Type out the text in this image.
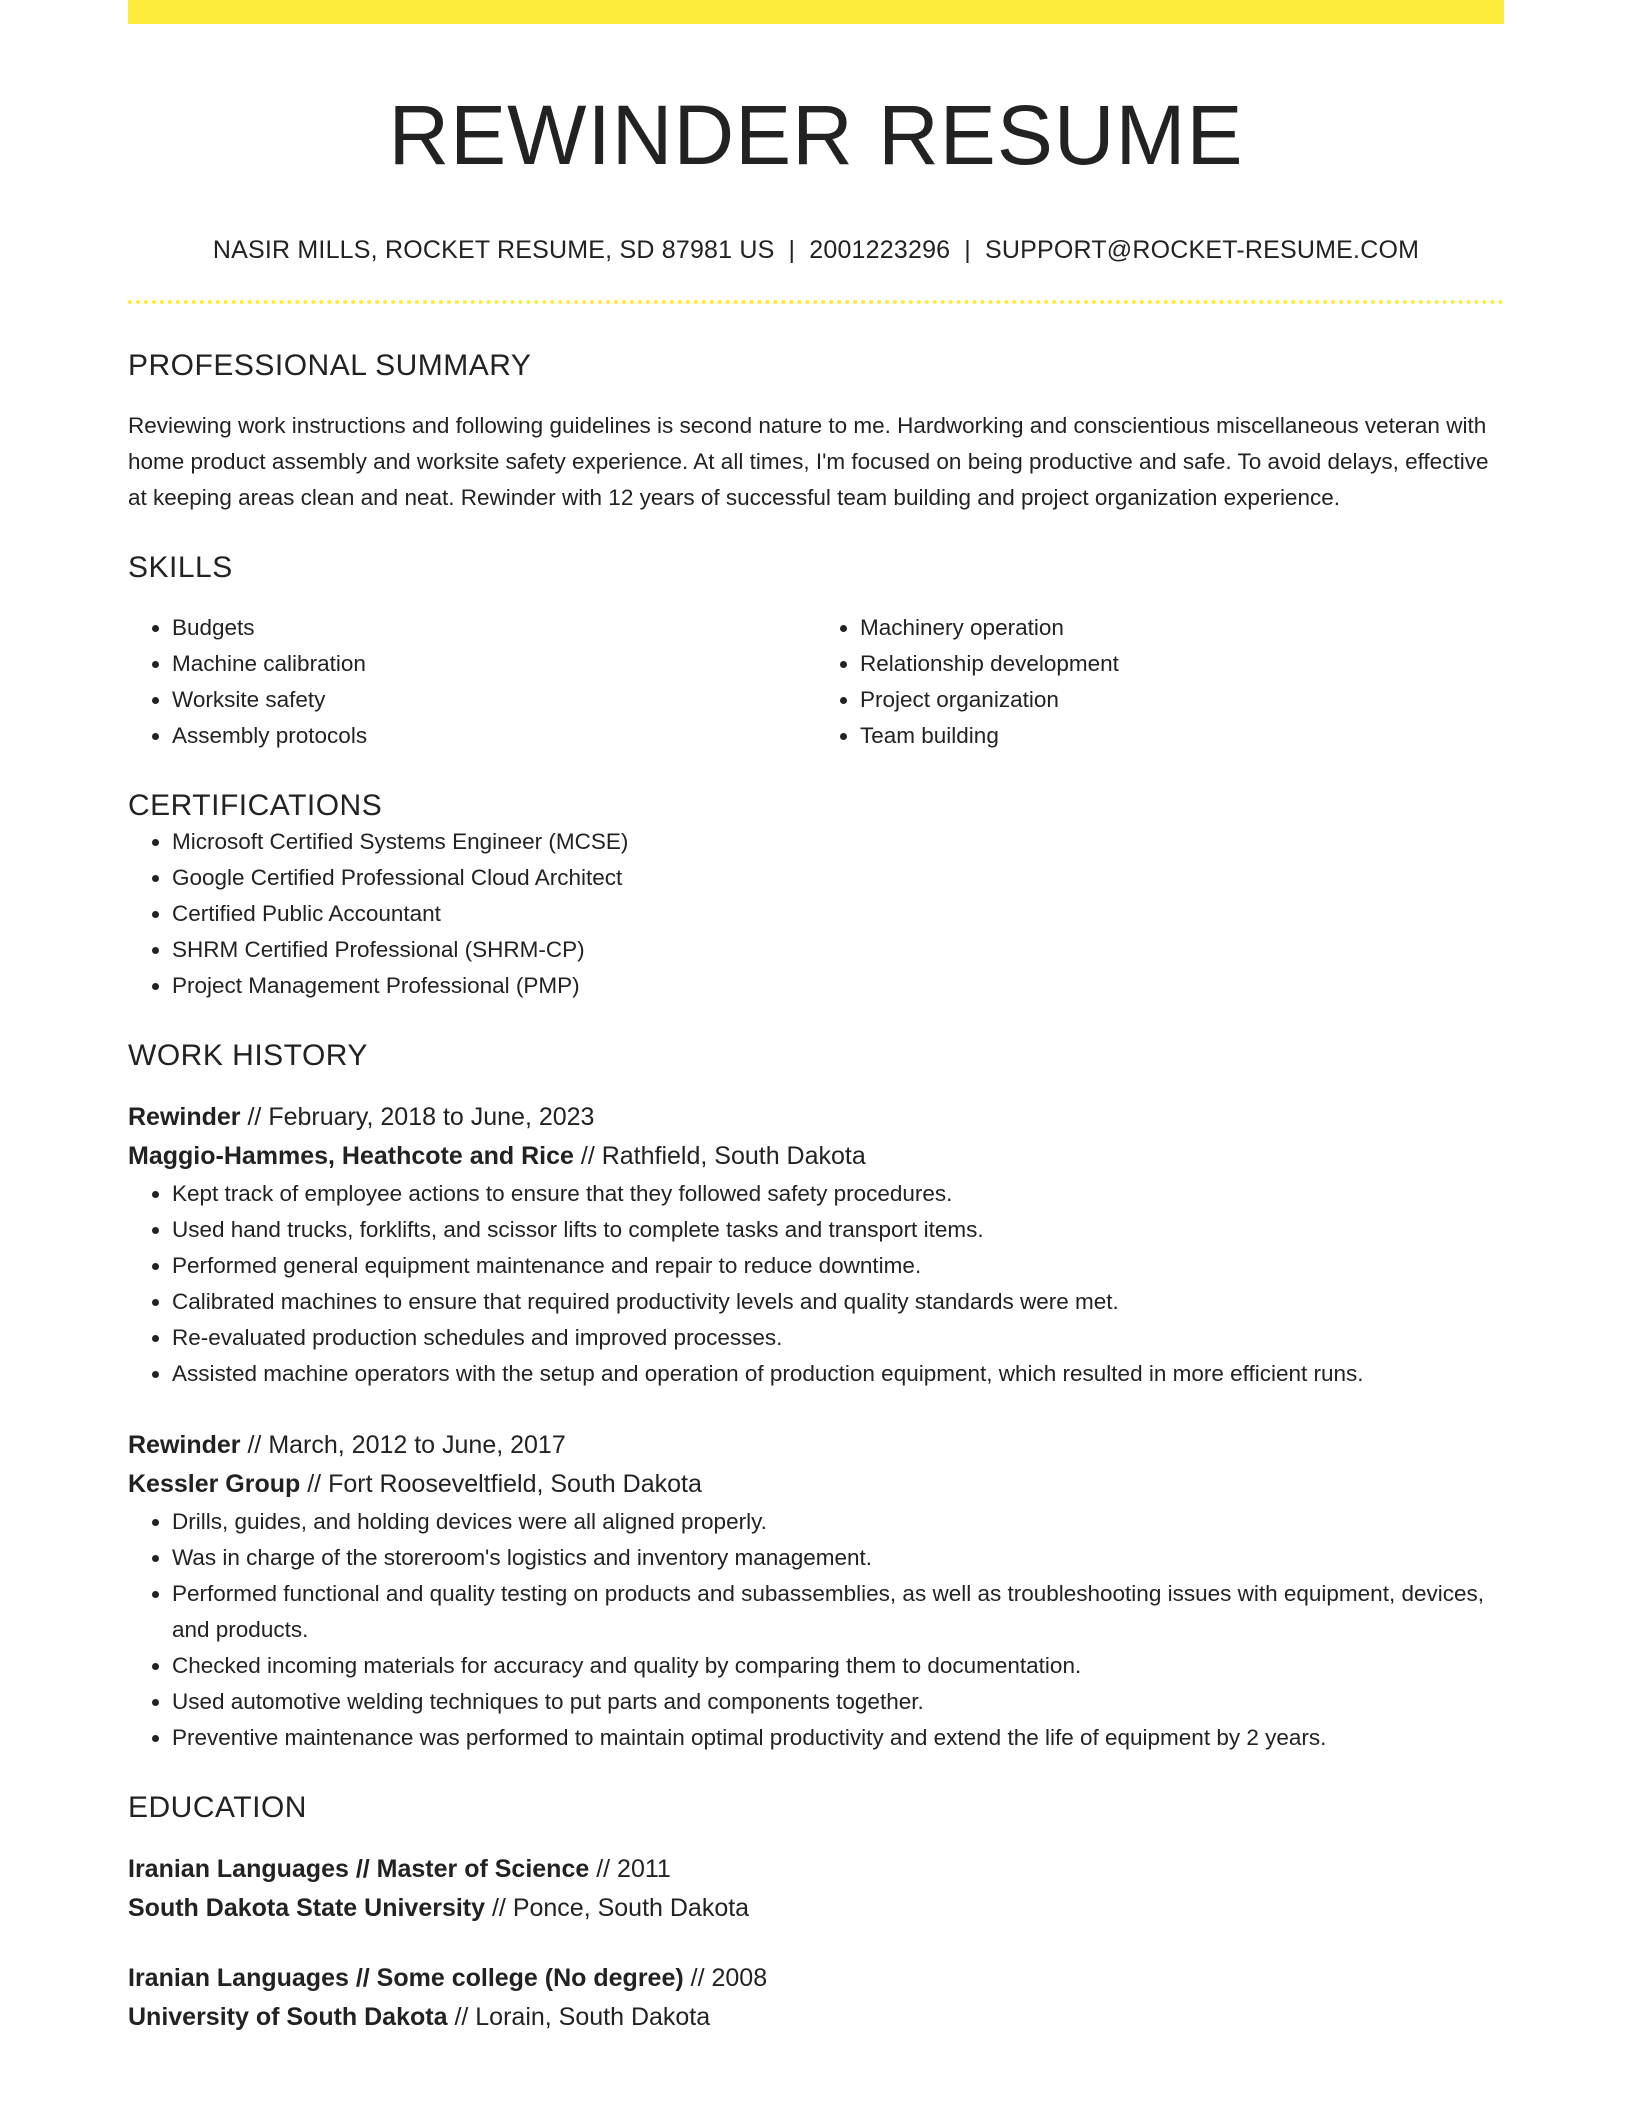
REWINDER RESUME
NASIR MILLS, ROCKET RESUME, SD 87981 US | 2001223296 | SUPPORT@ROCKET-RESUME.COM
PROFESSIONAL SUMMARY

Reviewing work instructions and following guidelines is second nature to me. Hardworking and conscientious miscellaneous veteran with home product assembly and worksite safety experience. At all times, I'm focused on being productive and safe. To avoid delays, effective at keeping areas clean and neat. Rewinder with 12 years of successful team building and project organization experience.

SKILLS
• Budgets
• Machine calibration
• Worksite safety
• Assembly protocols
• Machinery operation
• Relationship development
• Project organization
• Team building
CERTIFICATIONS
• Microsoft Certified Systems Engineer (MCSE)
• Google Certified Professional Cloud Architect
• Certified Public Accountant
• SHRM Certified Professional (SHRM-CP)
• Project Management Professional (PMP)
WORK HISTORY
Rewinder // February, 2018 to June, 2023
Maggio-Hammes, Heathcote and Rice // Rathfield, South Dakota
• Kept track of employee actions to ensure that they followed safety procedures.
• Used hand trucks, forklifts, and scissor lifts to complete tasks and transport items.
• Performed general equipment maintenance and repair to reduce downtime.
• Calibrated machines to ensure that required productivity levels and quality standards were met.
• Re-evaluated production schedules and improved processes.
• Assisted machine operators with the setup and operation of production equipment, which resulted in more efficient runs.
Rewinder // March, 2012 to June, 2017
Kessler Group // Fort Rooseveltfield, South Dakota
• Drills, guides, and holding devices were all aligned properly.
• Was in charge of the storeroom's logistics and inventory management.
• Performed functional and quality testing on products and subassemblies, as well as troubleshooting issues with equipment, devices, and products.
• Checked incoming materials for accuracy and quality by comparing them to documentation.
• Used automotive welding techniques to put parts and components together.
• Preventive maintenance was performed to maintain optimal productivity and extend the life of equipment by 2 years.
EDUCATION
Iranian Languages // Master of Science // 2011
South Dakota State University // Ponce, South Dakota
Iranian Languages // Some college (No degree) // 2008
University of South Dakota // Lorain, South Dakota
